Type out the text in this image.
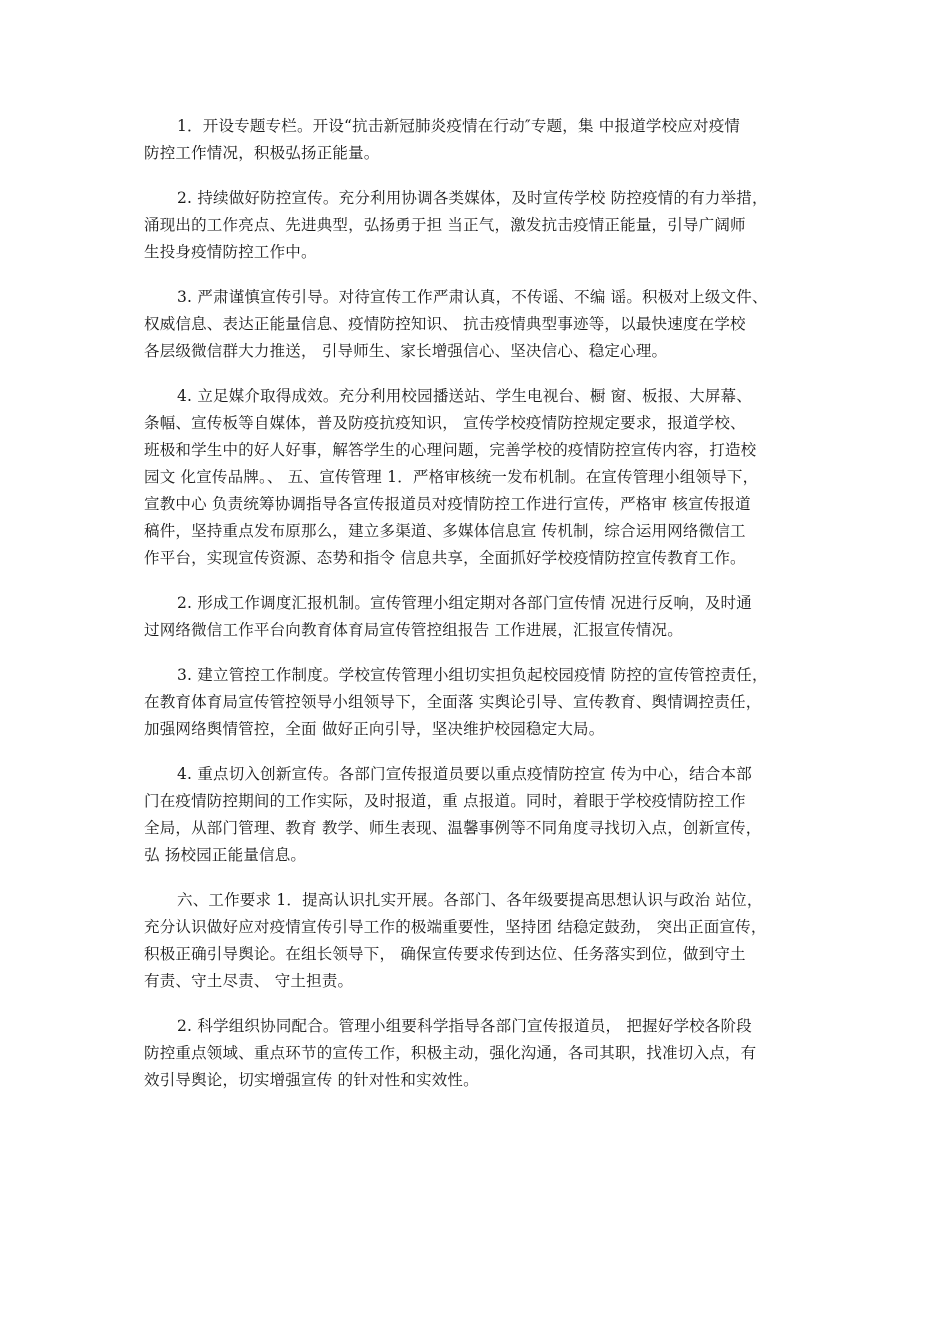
1．开设专题专栏。开设“抗击新冠肺炎疫情在行动″专题，集 中报道学校应对疫情
防控工作情况，积极弘扬正能量。
2. 持续做好防控宣传。充分利用协调各类媒体，及时宣传学校 防控疫情的有力举措，
涌现出的工作亮点、先进典型，弘扬勇于担 当正气，激发抗击疫情正能量，引导广阔师
生投身疫情防控工作中。
3. 严肃谨慎宣传引导。对待宣传工作严肃认真，不传谣、不编 谣。积极对上级文件、
权威信息、表达正能量信息、疫情防控知识、 抗击疫情典型事迹等，以最快速度在学校
各层级微信群大力推送， 引导师生、家长增强信心、坚决信心、稳定心理。
4. 立足媒介取得成效。充分利用校园播送站、学生电视台、橱 窗、板报、大屏幕、
条幅、宣传板等自媒体，普及防疫抗疫知识， 宣传学校疫情防控规定要求，报道学校、
班极和学生中的好人好事，解答学生的心理问题，完善学校的疫情防控宣传内容，打造校
园文 化宣传品牌。、 五、宣传管理 1．严格审核统一发布机制。在宣传管理小组领导下，
宣教中心 负责统筹协调指导各宣传报道员对疫情防控工作进行宣传，严格审 核宣传报道
稿件，坚持重点发布原那么，建立多渠道、多媒体信息宣 传机制，综合运用网络微信工
作平台，实现宣传资源、态势和指令 信息共享，全面抓好学校疫情防控宣传教育工作。
2. 形成工作调度汇报机制。宣传管理小组定期对各部门宣传情 况进行反响，及时通
过网络微信工作平台向教育体育局宣传管控组报告 工作进展，汇报宣传情况。
3. 建立管控工作制度。学校宣传管理小组切实担负起校园疫情 防控的宣传管控责任，
在教育体育局宣传管控领导小组领导下，全面落 实舆论引导、宣传教育、舆情调控责任，
加强网络舆情管控，全面 做好正向引导，坚决维护校园稳定大局。
4. 重点切入创新宣传。各部门宣传报道员要以重点疫情防控宣 传为中心，结合本部
门在疫情防控期间的工作实际，及时报道，重 点报道。同时，着眼于学校疫情防控工作
全局，从部门管理、教育 教学、师生表现、温馨事例等不同角度寻找切入点，创新宣传，
弘 扬校园正能量信息。
六、工作要求 1．提高认识扎实开展。各部门、各年级要提高思想认识与政治 站位，
充分认识做好应对疫情宣传引导工作的极端重要性，坚持团 结稳定鼓劲， 突出正面宣传，
积极正确引导舆论。在组长领导下， 确保宣传要求传到达位、任务落实到位，做到守土
有责、守土尽责、 守土担责。
2. 科学组织协同配合。管理小组要科学指导各部门宣传报道员， 把握好学校各阶段
防控重点领域、重点环节的宣传工作，积极主动，强化沟通，各司其职，找准切入点，有
效引导舆论，切实增强宣传 的针对性和实效性。
